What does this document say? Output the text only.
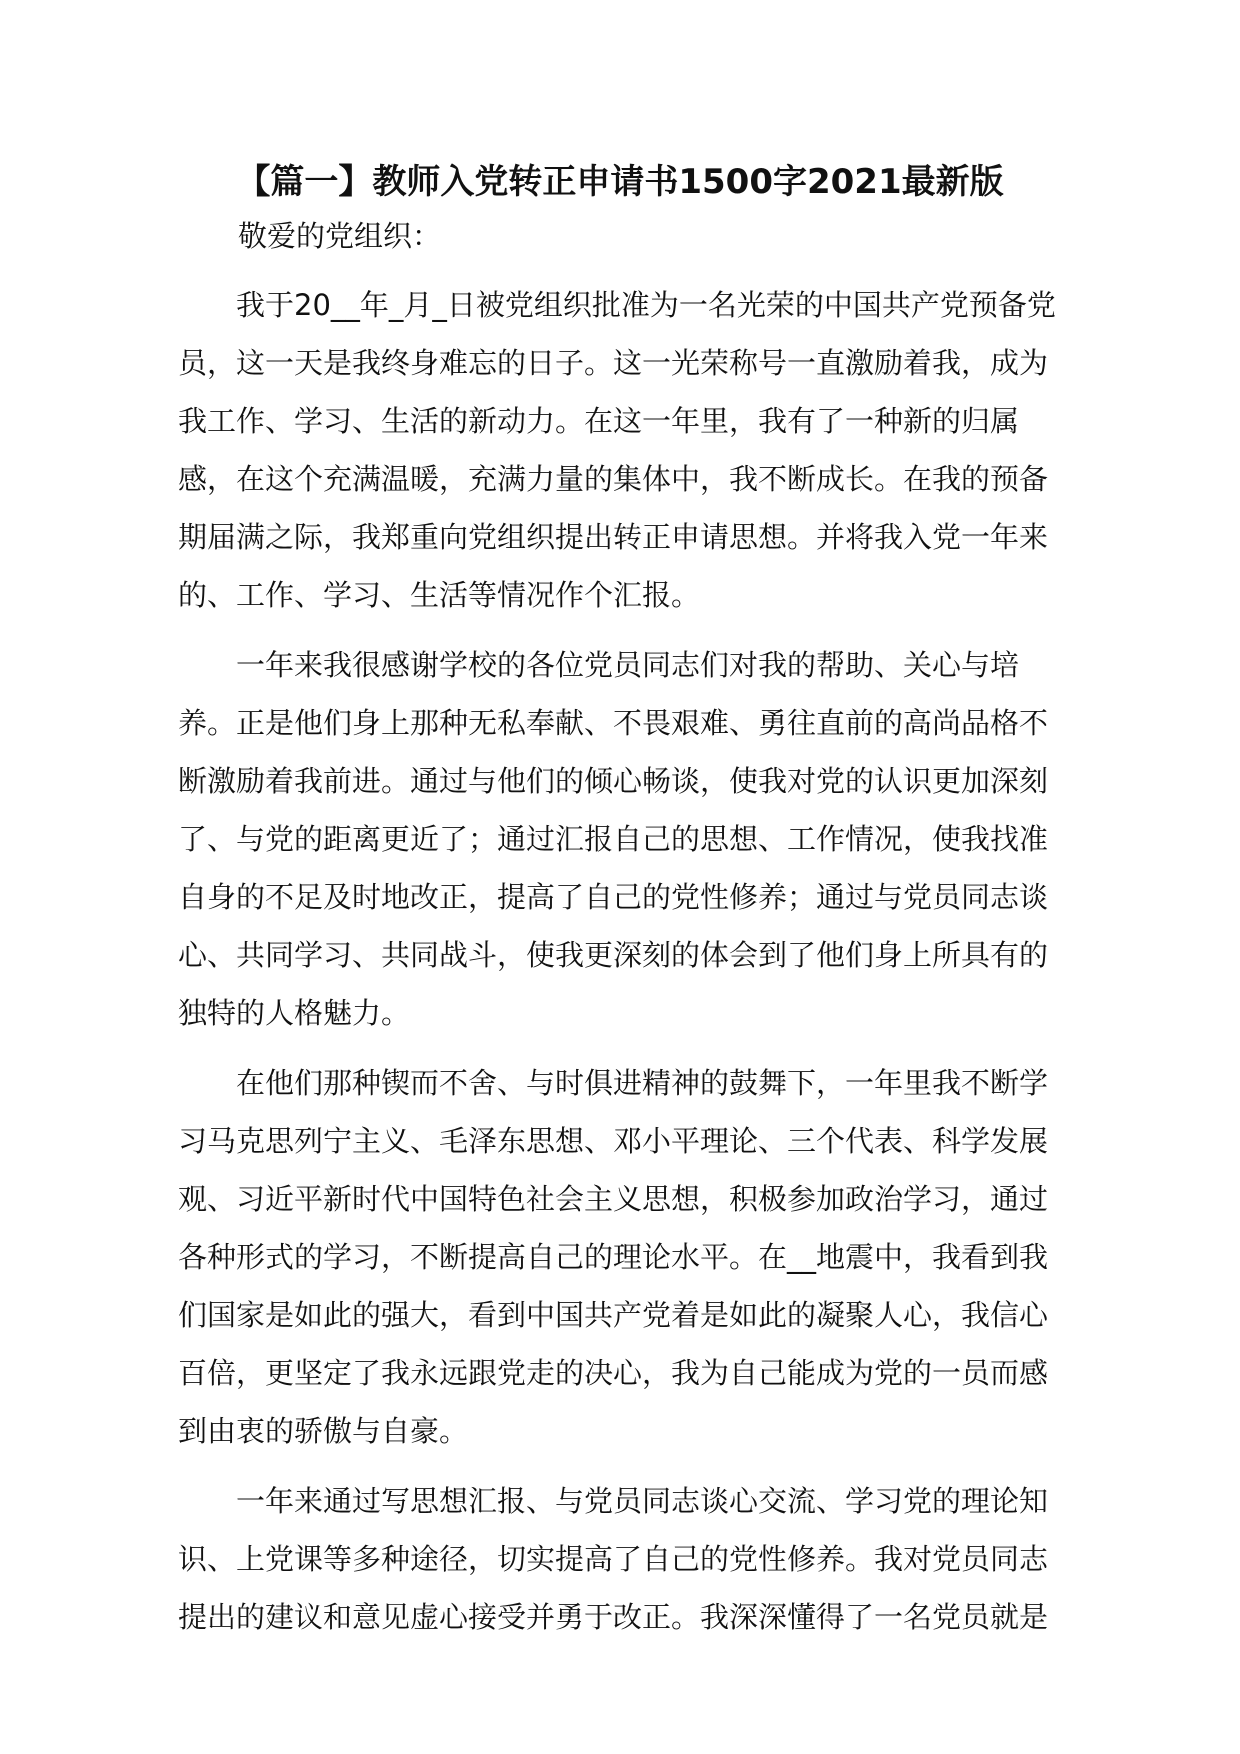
【篇一】教师入党转正申请书1500字2021最新版

敬爱的党组织：

我于20__年_月_日被党组织批准为一名光荣的中国共产党预备党
员，这一天是我终身难忘的日子。这一光荣称号一直激励着我，成为
我工作、学习、生活的新动力。在这一年里，我有了一种新的归属
感，在这个充满温暖，充满力量的集体中，我不断成长。在我的预备
期届满之际，我郑重向党组织提出转正申请思想。并将我入党一年来
的、工作、学习、生活等情况作个汇报。
一年来我很感谢学校的各位党员同志们对我的帮助、关心与培
养。正是他们身上那种无私奉献、不畏艰难、勇往直前的高尚品格不
断激励着我前进。通过与他们的倾心畅谈，使我对党的认识更加深刻
了、与党的距离更近了；通过汇报自己的思想、工作情况，使我找准
自身的不足及时地改正，提高了自己的党性修养；通过与党员同志谈
心、共同学习、共同战斗，使我更深刻的体会到了他们身上所具有的
独特的人格魅力。
在他们那种锲而不舍、与时俱进精神的鼓舞下，一年里我不断学
习马克思列宁主义、毛泽东思想、邓小平理论、三个代表、科学发展
观、习近平新时代中国特色社会主义思想，积极参加政治学习，通过
各种形式的学习，不断提高自己的理论水平。在__地震中，我看到我
们国家是如此的强大，看到中国共产党着是如此的凝聚人心，我信心
百倍，更坚定了我永远跟党走的决心，我为自己能成为党的一员而感
到由衷的骄傲与自豪。
一年来通过写思想汇报、与党员同志谈心交流、学习党的理论知
识、上党课等多种途径，切实提高了自己的党性修养。我对党员同志
提出的建议和意见虚心接受并勇于改正。我深深懂得了一名党员就是
